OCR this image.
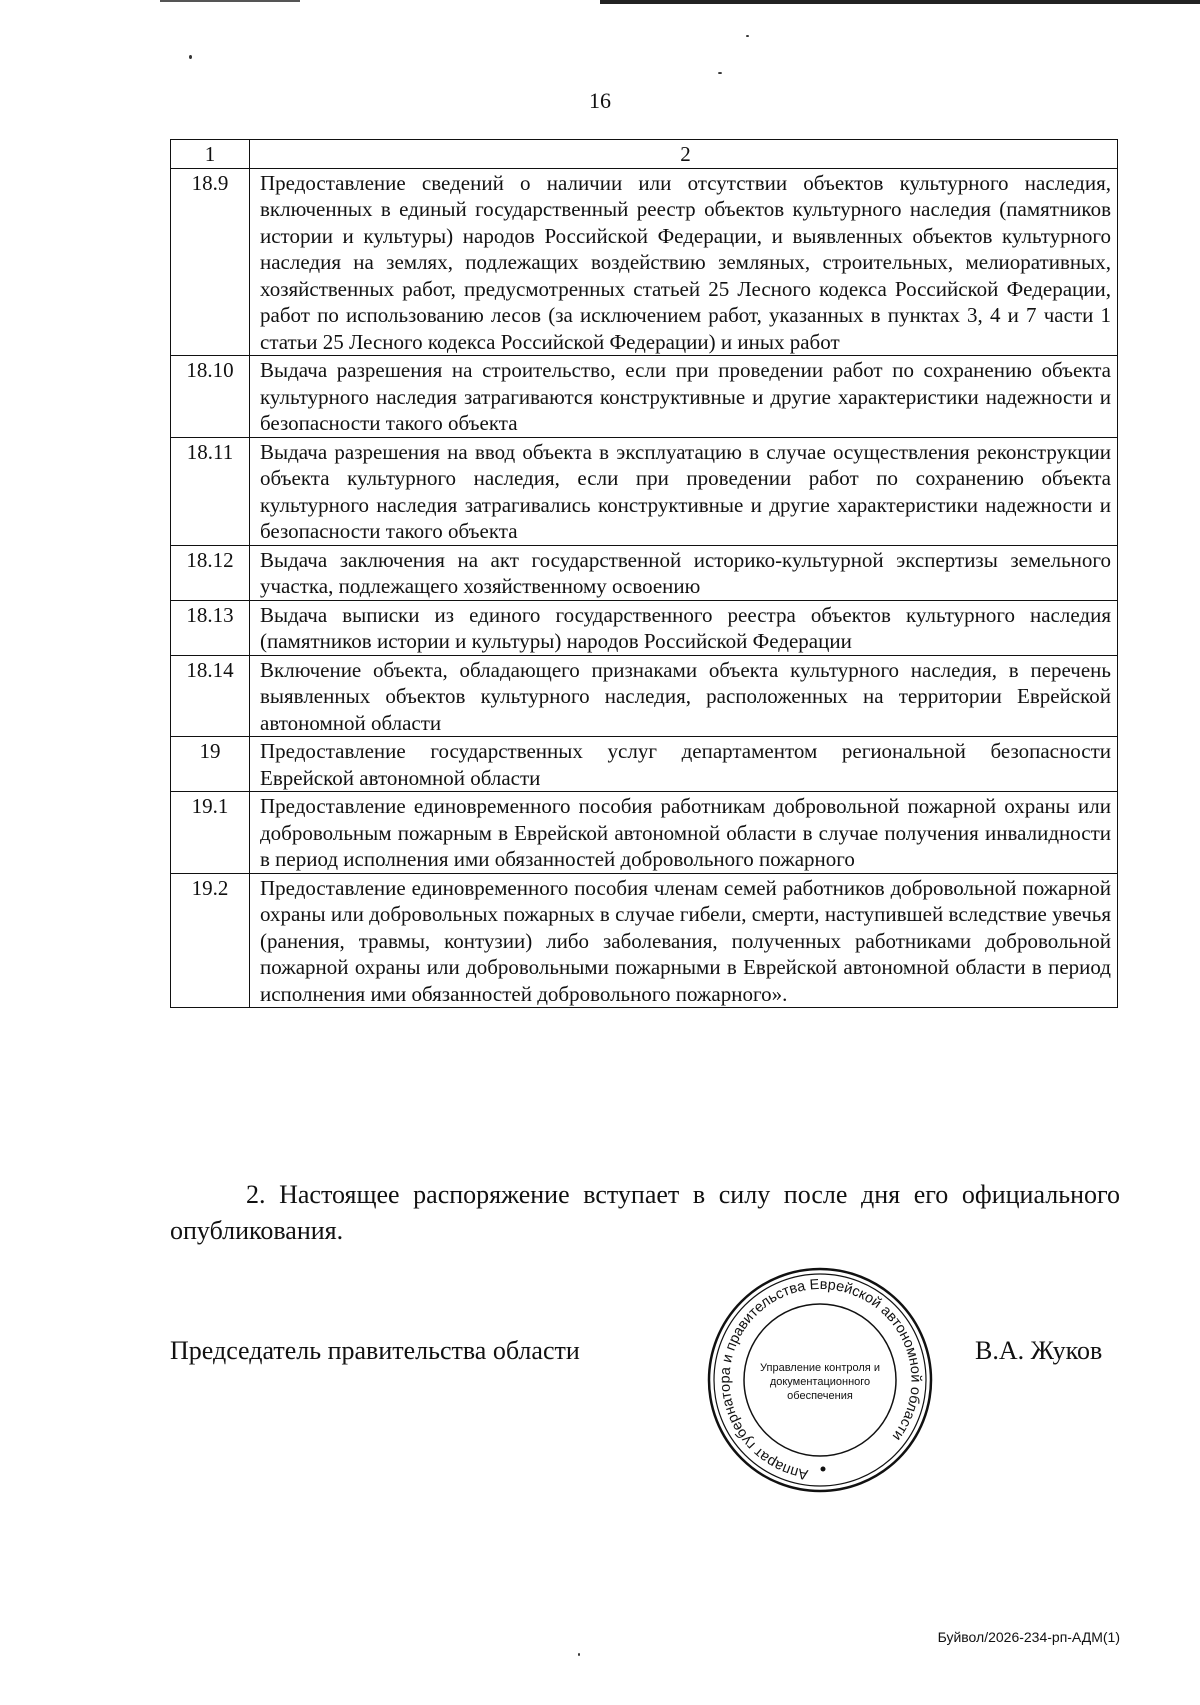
16
1	2
18.9	Предоставление сведений о наличии или отсутствии объектов культурного наследия, включенных в единый государственный реестр объектов культурного наследия (памятников истории и культуры) народов Российской Федерации, и выявленных объектов культурного наследия на землях, подлежащих воздействию земляных, строительных, мелиоративных, хозяйственных работ, предусмотренных статьей 25 Лесного кодекса Российской Федерации, работ по использованию лесов (за исключением работ, указанных в пунктах 3, 4 и 7 части 1 статьи 25 Лесного кодекса Российской Федерации) и иных работ
18.10	Выдача разрешения на строительство, если при проведении работ по сохранению объекта культурного наследия затрагиваются конструктивные и другие характеристики надежности и безопасности такого объекта
18.11	Выдача разрешения на ввод объекта в эксплуатацию в случае осуществления реконструкции объекта культурного наследия, если при проведении работ по сохранению объекта культурного наследия затрагивались конструктивные и другие характеристики надежности и безопасности такого объекта
18.12	Выдача заключения на акт государственной историко-культурной экспертизы земельного участка, подлежащего хозяйственному освоению
18.13	Выдача выписки из единого государственного реестра объектов культурного наследия (памятников истории и культуры) народов Российской Федерации
18.14	Включение объекта, обладающего признаками объекта культурного наследия, в перечень выявленных объектов культурного наследия, расположенных на территории Еврейской автономной области
19	Предоставление государственных услуг департаментом региональной безопасности Еврейской автономной области
19.1	Предоставление единовременного пособия работникам добровольной пожарной охраны или добровольным пожарным в Еврейской автономной области в случае получения инвалидности в период исполнения ими обязанностей добровольного пожарного
19.2	Предоставление единовременного пособия членам семей работников добровольной пожарной охраны или добровольных пожарных в случае гибели, смерти, наступившей вследствие увечья (ранения, травмы, контузии) либо заболевания, полученных работниками добровольной пожарной охраны или добровольными пожарными в Еврейской автономной области в период исполнения ими обязанностей добровольного пожарного».
2. Настоящее распоряжение вступает в силу после дня его официального опубликования.
Председатель правительства области	В.А. Жуков
Аппарат губернатора и правительства Еврейской автономной области
Управление контроля и
документационного
обеспечения
Буйвол/2026-234-рп-АДМ(1)
